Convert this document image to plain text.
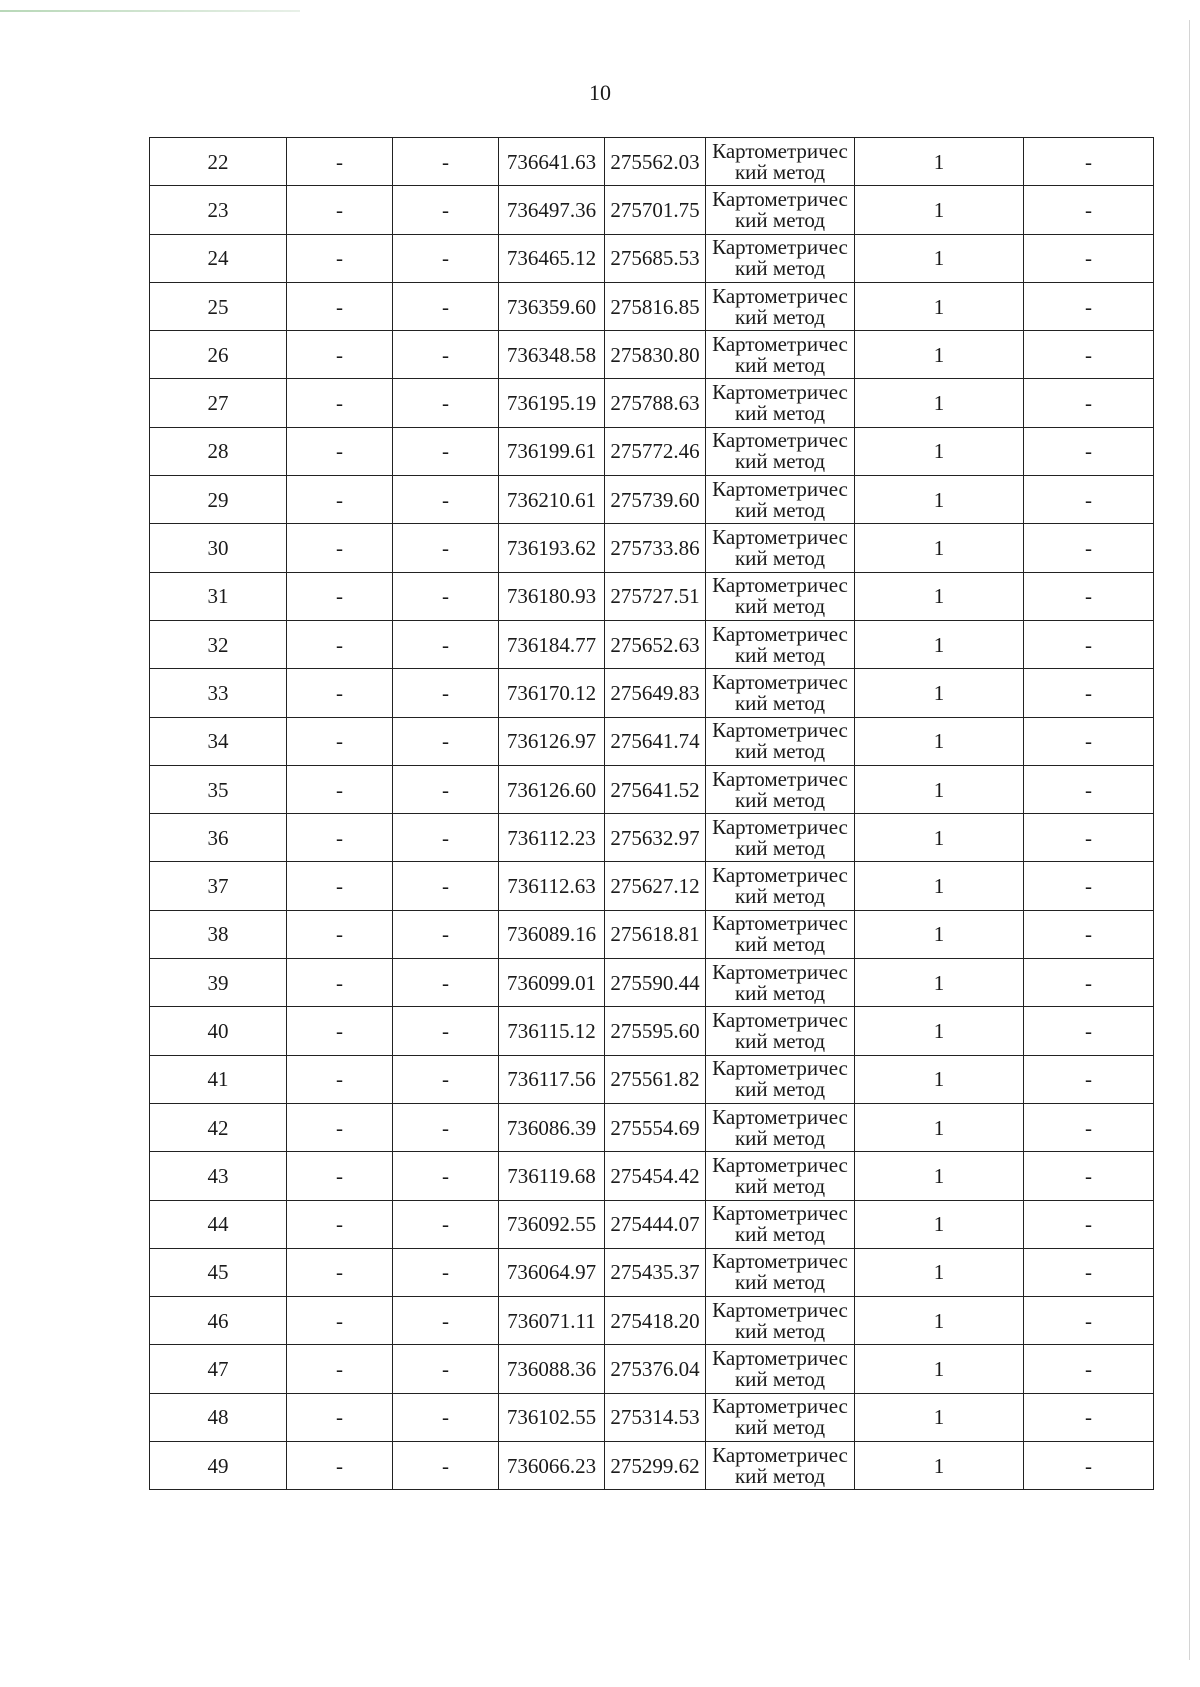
10
22	-	-	736641.63	275562.03	Картометричес
кий метод	1	-
23	-	-	736497.36	275701.75	Картометричес
кий метод	1	-
24	-	-	736465.12	275685.53	Картометричес
кий метод	1	-
25	-	-	736359.60	275816.85	Картометричес
кий метод	1	-
26	-	-	736348.58	275830.80	Картометричес
кий метод	1	-
27	-	-	736195.19	275788.63	Картометричес
кий метод	1	-
28	-	-	736199.61	275772.46	Картометричес
кий метод	1	-
29	-	-	736210.61	275739.60	Картометричес
кий метод	1	-
30	-	-	736193.62	275733.86	Картометричес
кий метод	1	-
31	-	-	736180.93	275727.51	Картометричес
кий метод	1	-
32	-	-	736184.77	275652.63	Картометричес
кий метод	1	-
33	-	-	736170.12	275649.83	Картометричес
кий метод	1	-
34	-	-	736126.97	275641.74	Картометричес
кий метод	1	-
35	-	-	736126.60	275641.52	Картометричес
кий метод	1	-
36	-	-	736112.23	275632.97	Картометричес
кий метод	1	-
37	-	-	736112.63	275627.12	Картометричес
кий метод	1	-
38	-	-	736089.16	275618.81	Картометричес
кий метод	1	-
39	-	-	736099.01	275590.44	Картометричес
кий метод	1	-
40	-	-	736115.12	275595.60	Картометричес
кий метод	1	-
41	-	-	736117.56	275561.82	Картометричес
кий метод	1	-
42	-	-	736086.39	275554.69	Картометричес
кий метод	1	-
43	-	-	736119.68	275454.42	Картометричес
кий метод	1	-
44	-	-	736092.55	275444.07	Картометричес
кий метод	1	-
45	-	-	736064.97	275435.37	Картометричес
кий метод	1	-
46	-	-	736071.11	275418.20	Картометричес
кий метод	1	-
47	-	-	736088.36	275376.04	Картометричес
кий метод	1	-
48	-	-	736102.55	275314.53	Картометричес
кий метод	1	-
49	-	-	736066.23	275299.62	Картометричес
кий метод	1	-
